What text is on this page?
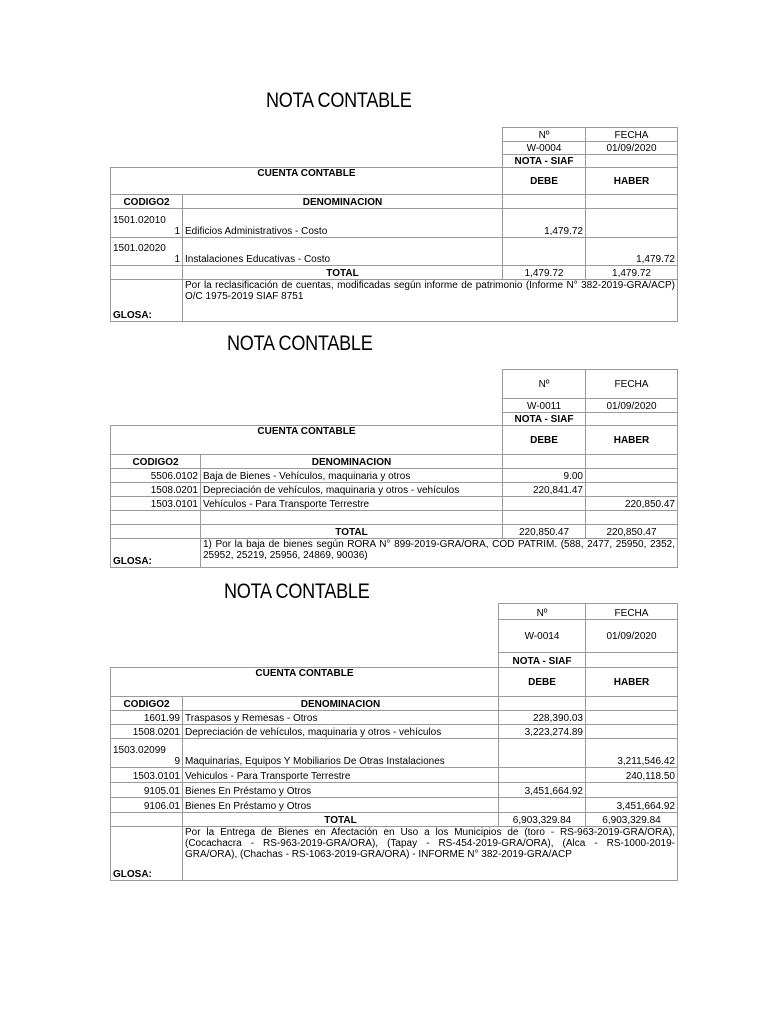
NOTA CONTABLE
		Nº	FECHA
		W-0004	01/09/2020
		NOTA - SIAF	
CUENTA CONTABLE		DEBE	HABER
CODIGO2	DENOMINACION		

1501.02010
1	Edificios Administrativos - Costo	1,479.72	

1501.02020
1	Instalaciones Educativas - Costo		1,479.72
	TOTAL	1,479.72	1,479.72
GLOSA:	Por la reclasificación de cuentas, modificadas según informe de patrimonio (Informe N° 382-2019-GRA/ACP) O/C 1975-2019 SIAF 8751		
NOTA CONTABLE
		Nº	FECHA
		W-0011	01/09/2020
		NOTA - SIAF	
CUENTA CONTABLE		DEBE	HABER
CODIGO2	DENOMINACION		
5506.0102	Baja de Bienes - Vehículos, maquinaria y otros	9.00	
1508.0201	Depreciación de vehículos, maquinaria y otros - vehículos	220,841.47	
1503.0101	Vehículos - Para Transporte Terrestre		220,850.47

	TOTAL	220,850.47	220,850.47
GLOSA:	1) Por la baja de bienes según RORA N° 899-2019-GRA/ORA, COD PATRIM. (588, 2477, 25950, 2352, 25952, 25219, 25956, 24869, 90036)		
NOTA CONTABLE
		Nº	FECHA
		W-0014	01/09/2020
		NOTA - SIAF	
CUENTA CONTABLE		DEBE	HABER
CODIGO2	DENOMINACION		
1601.99	Traspasos y Remesas - Otros	228,390.03	
1508.0201	Depreciación de vehículos, maquinaria y otros - vehículos	3,223,274.89	

1503.02099
9	Maquinarias, Equipos Y Mobiliarios De Otras Instalaciones		3,211,546.42
1503.0101	Vehiculos - Para Transporte Terrestre		240,118.50
9105.01	Bienes En Préstamo y Otros	3,451,664.92	
9106.01	Bienes En Préstamo y Otros		3,451,664.92
	TOTAL	6,903,329.84	6,903,329.84
GLOSA:	Por la Entrega de Bienes en Afectación en Uso a los Municipios de (toro - RS-963-2019-GRA/ORA), (Cocachacra - RS-963-2019-GRA/ORA), (Tapay - RS-454-2019-GRA/ORA), (Alca - RS-1000-2019-GRA/ORA), (Chachas - RS-1063-2019-GRA/ORA) - INFORME N° 382-2019-GRA/ACP		
